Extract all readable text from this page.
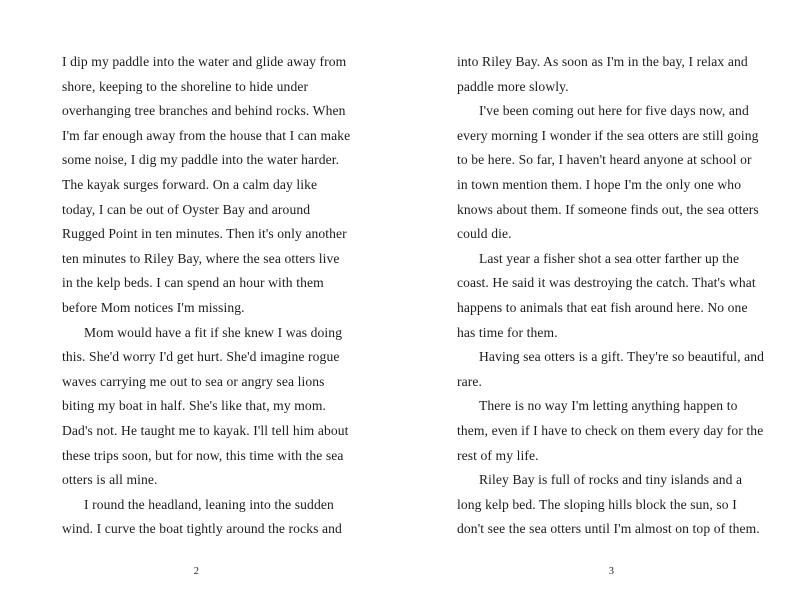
I dip my paddle into the water and glide away from shore, keeping to the shoreline to hide under overhanging tree branches and behind rocks. When I'm far enough away from the house that I can make some noise, I dig my paddle into the water harder. The kayak surges forward. On a calm day like today, I can be out of Oyster Bay and around Rugged Point in ten minutes. Then it's only another ten minutes to Riley Bay, where the sea otters live in the kelp beds. I can spend an hour with them before Mom notices I'm missing.

Mom would have a fit if she knew I was doing this. She'd worry I'd get hurt. She'd imagine rogue waves carrying me out to sea or angry sea lions biting my boat in half. She's like that, my mom. Dad's not. He taught me to kayak. I'll tell him about these trips soon, but for now, this time with the sea otters is all mine.

I round the headland, leaning into the sudden wind. I curve the boat tightly around the rocks and

2

into Riley Bay. As soon as I'm in the bay, I relax and paddle more slowly.

I've been coming out here for five days now, and every morning I wonder if the sea otters are still going to be here. So far, I haven't heard anyone at school or in town mention them. I hope I'm the only one who knows about them. If someone finds out, the sea otters could die.

Last year a fisher shot a sea otter farther up the coast. He said it was destroying the catch. That's what happens to animals that eat fish around here. No one has time for them.

Having sea otters is a gift. They're so beautiful, and rare.

There is no way I'm letting anything happen to them, even if I have to check on them every day for the rest of my life.

Riley Bay is full of rocks and tiny islands and a long kelp bed. The sloping hills block the sun, so I don't see the sea otters until I'm almost on top of them.

3
